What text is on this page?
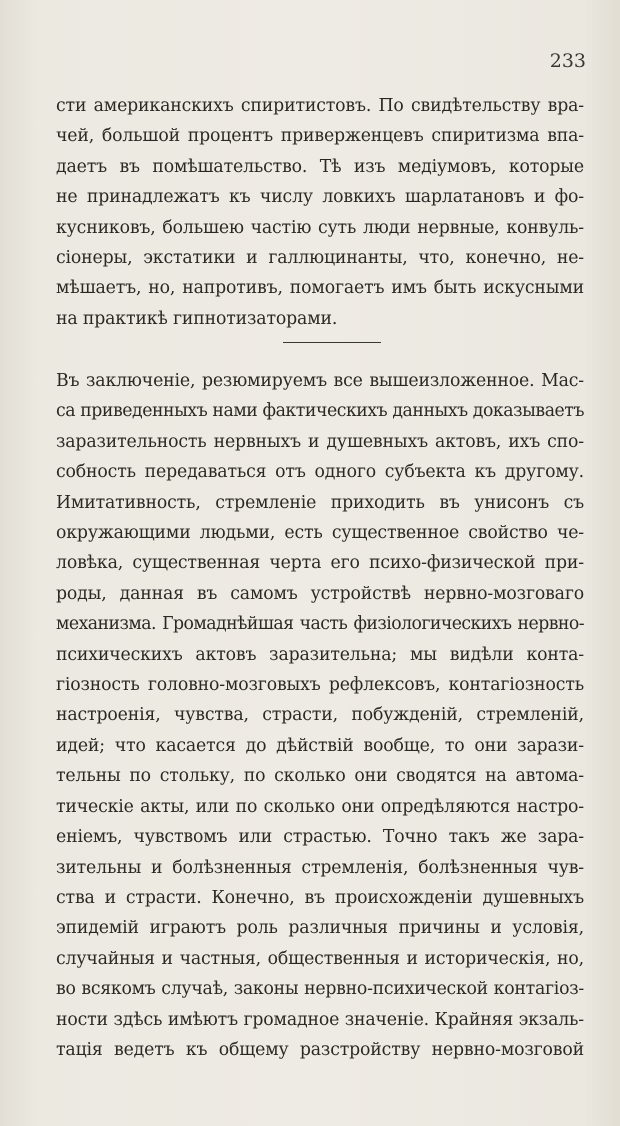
233
сти американскихъ спиритистовъ. По свидѣтельству вра-
чей, большой процентъ приверженцевъ спиритизма впа-
даетъ въ помѣшательство. Тѣ изъ медіумовъ, которые
не принадлежатъ къ числу ловкихъ шарлатановъ и фо-
кусниковъ, большею частію суть люди нервные, конвуль-
сіонеры, экстатики и галлюцинанты, что, конечно, не-
мѣшаетъ, но, напротивъ, помогаетъ имъ быть искусными
на практикѣ гипнотизаторами.
Въ заключеніе, резюмируемъ все вышеизложенное. Мас-
са приведенныхъ нами фактическихъ данныхъ доказываетъ
заразительность нервныхъ и душевныхъ актовъ, ихъ спо-
собность передаваться отъ одного субъекта къ другому.
Имитативность, стремленіе приходить въ унисонъ съ
окружающими людьми, есть существенное свойство че-
ловѣка, существенная черта его психо-физической при-
роды, данная въ самомъ устройствѣ нервно-мозговаго
механизма. Громаднѣйшая часть физіологическихъ нервно-
психическихъ актовъ заразительна; мы видѣли конта-
гіозность головно-мозговыхъ рефлексовъ, контагіозность
настроенія, чувства, страсти, побужденій, стремленій,
идей; что касается до дѣйствій вообще, то они зарази-
тельны по стольку, по сколько они сводятся на автома-
тическіе акты, или по сколько они опредѣляются настро-
еніемъ, чувствомъ или страстью. Точно такъ же зара-
зительны и болѣзненныя стремленія, болѣзненныя чув-
ства и страсти. Конечно, въ происхожденіи душевныхъ
эпидемій играютъ роль различныя причины и условія,
случайныя и частныя, общественныя и историческія, но,
во всякомъ случаѣ, законы нервно-психической контагіоз-
ности здѣсь имѣютъ громадное значеніе. Крайняя экзаль-
тація ведетъ къ общему разстройству нервно-мозговой
